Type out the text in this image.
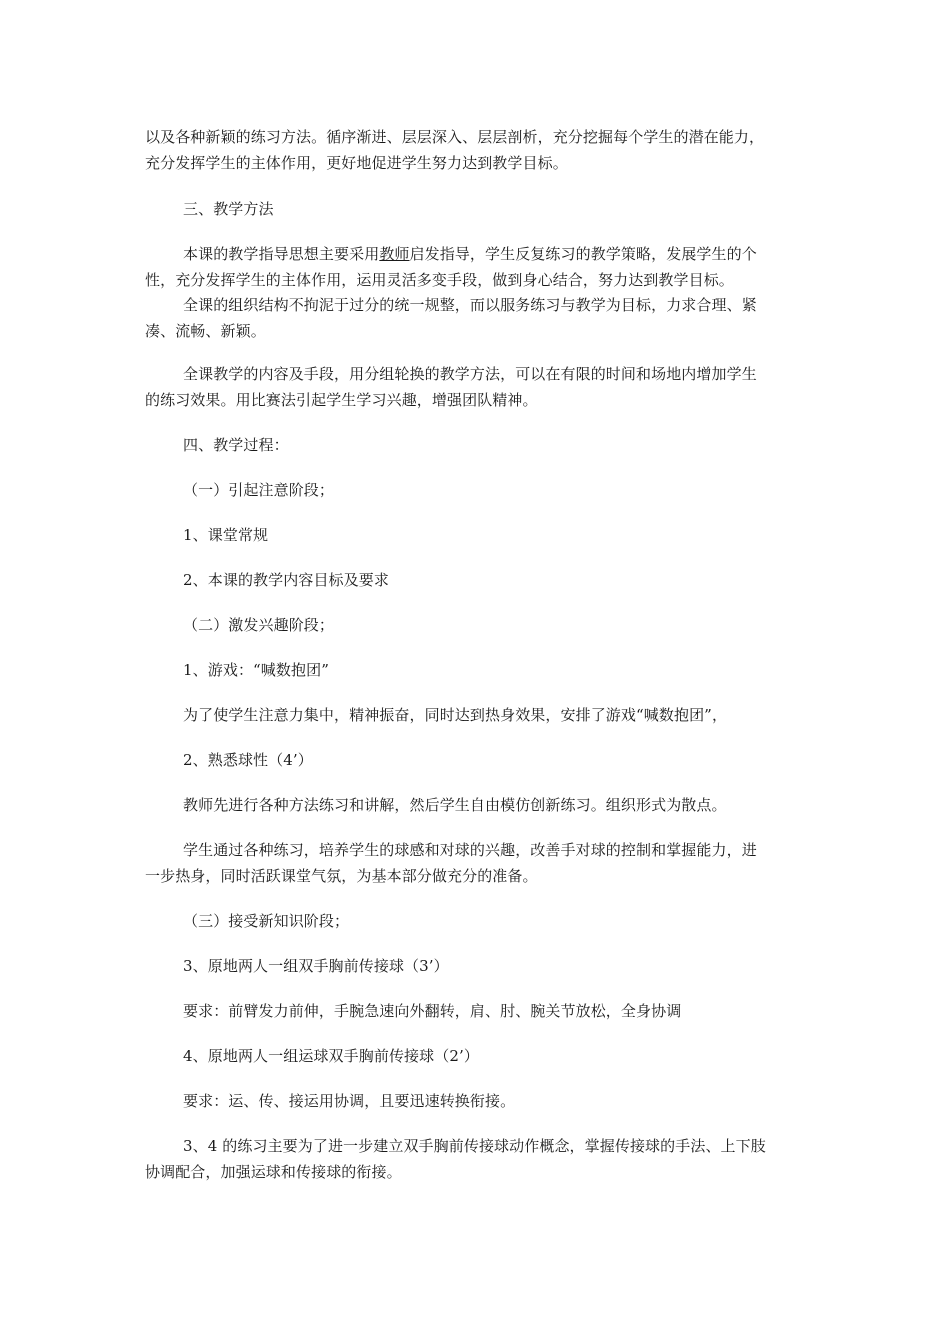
以及各种新颖的练习方法。循序渐进、层层深入、层层剖析，充分挖掘每个学生的潜在能力，
充分发挥学生的主体作用，更好地促进学生努力达到教学目标。
三、教学方法
本课的教学指导思想主要采用教师启发指导，学生反复练习的教学策略，发展学生的个
性，充分发挥学生的主体作用，运用灵活多变手段，做到身心结合，努力达到教学目标。
全课的组织结构不拘泥于过分的统一规整，而以服务练习与教学为目标，力求合理、紧
凑、流畅、新颖。
全课教学的内容及手段，用分组轮换的教学方法，可以在有限的时间和场地内增加学生
的练习效果。用比赛法引起学生学习兴趣，增强团队精神。
四、教学过程：
（一）引起注意阶段；
1、课堂常规
2、本课的教学内容目标及要求
（二）激发兴趣阶段；
1、游戏：“喊数抱团”
为了使学生注意力集中，精神振奋，同时达到热身效果，安排了游戏“喊数抱团”，
2、熟悉球性（4’）
教师先进行各种方法练习和讲解，然后学生自由模仿创新练习。组织形式为散点。
学生通过各种练习，培养学生的球感和对球的兴趣，改善手对球的控制和掌握能力，进
一步热身，同时活跃课堂气氛，为基本部分做充分的准备。
（三）接受新知识阶段；
3、原地两人一组双手胸前传接球（3’）
要求：前臂发力前伸，手腕急速向外翻转，肩、肘、腕关节放松，全身协调
4、原地两人一组运球双手胸前传接球（2’）
要求：运、传、接运用协调，且要迅速转换衔接。
3、4 的练习主要为了进一步建立双手胸前传接球动作概念，掌握传接球的手法、上下肢
协调配合，加强运球和传接球的衔接。
